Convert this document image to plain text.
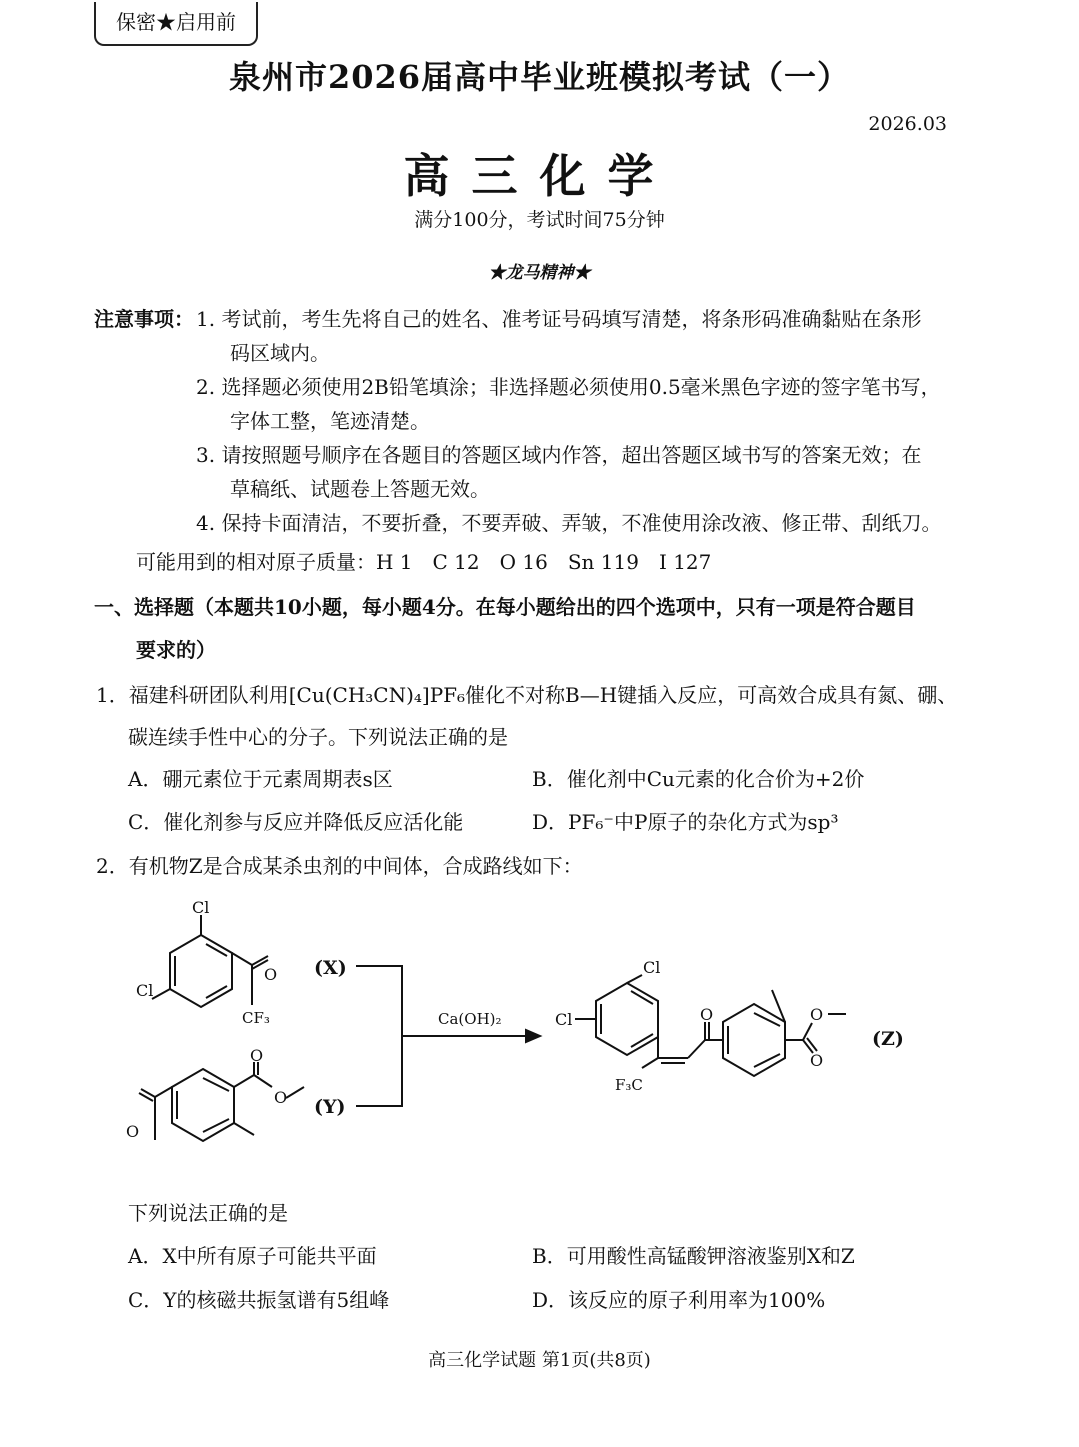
保密★启用前
泉州市2026届高中毕业班模拟考试（一）
2026.03
高三化学
满分100分，考试时间75分钟
★龙马精神★
注意事项： 1. 考试前，考生先将自己的姓名、准考证号码填写清楚，将条形码准确黏贴在条形
码区域内。
2. 选择题必须使用2B铅笔填涂；非选择题必须使用0.5毫米黑色字迹的签字笔书写，
字体工整，笔迹清楚。
3. 请按照题号顺序在各题目的答题区域内作答，超出答题区域书写的答案无效；在
草稿纸、试题卷上答题无效。
4. 保持卡面清洁，不要折叠，不要弄破、弄皱，不准使用涂改液、修正带、刮纸刀。
可能用到的相对原子质量：H 1　C 12　O 16　Sn 119　I 127
一、选择题（本题共10小题，每小题4分。在每小题给出的四个选项中，只有一项是符合题目
要求的）
1．福建科研团队利用[Cu(CH₃CN)₄]PF₆催化不对称B—H键插入反应，可高效合成具有氮、硼、
碳连续手性中心的分子。下列说法正确的是
A．硼元素位于元素周期表s区	B．催化剂中Cu元素的化合价为+2价
C．催化剂参与反应并降低反应活化能	D．PF₆⁻中P原子的杂化方式为sp³
2．有机物Z是合成某杀虫剂的中间体，合成路线如下：
Cl
Cl
O
CF₃
(X)
O
O
O
(Y)
Ca(OH)₂
Cl
Cl
F₃C
O	O
O
(Z)
下列说法正确的是
A．X中所有原子可能共平面	B．可用酸性高锰酸钾溶液鉴别X和Z
C．Y的核磁共振氢谱有5组峰	D．该反应的原子利用率为100%
高三化学试题 第1页(共8页)
